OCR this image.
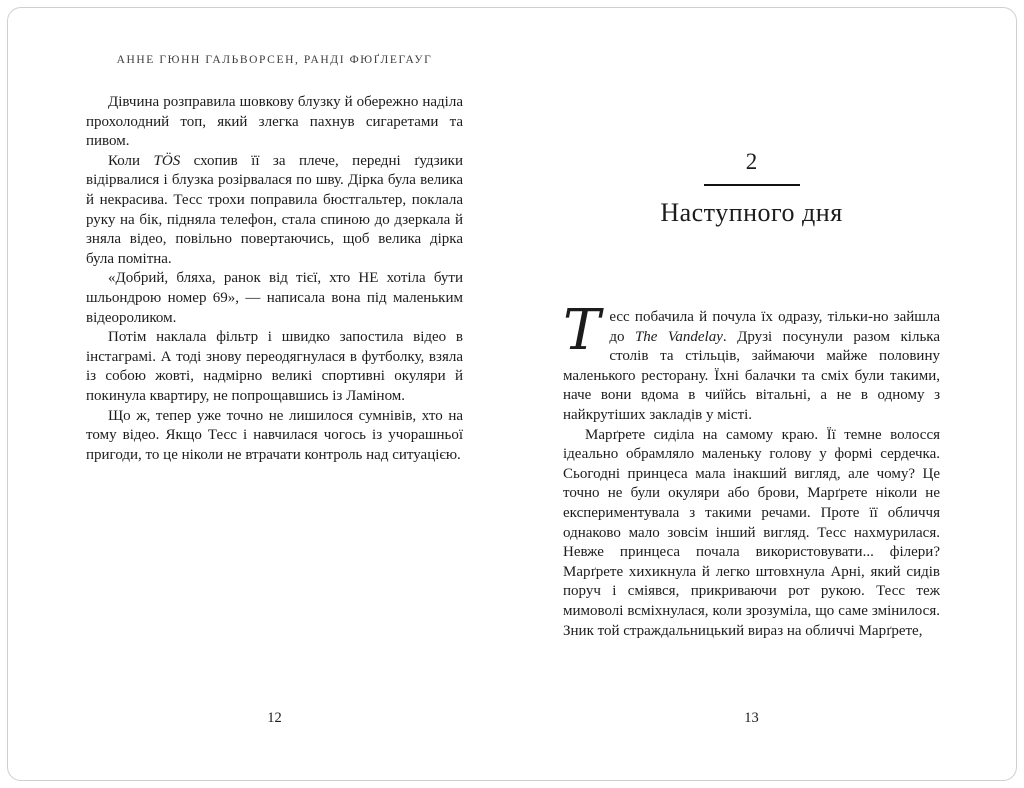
АННЕ ГЮНН ГАЛЬВОРСЕН, РАНДІ ФЮҐЛЕГАУГ

Дівчина розправила шовкову блузку й обережно наділа прохолодний топ, який злегка пахнув сигаретами та пивом.

Коли TÖS схопив її за плече, передні ґудзики відірвалися і блузка розірвалася по шву. Дірка була велика й некрасива. Тесс трохи поправила бюстгальтер, поклала руку на бік, підняла телефон, стала спиною до дзеркала й зняла відео, повільно повертаючись, щоб велика дірка була помітна.

«Добрий, бляха, ранок від тієї, хто НЕ хотіла бути шльондрою номер 69», — написала вона під маленьким відеороликом.

Потім наклала фільтр і швидко запостила відео в інстаграмі. А тоді знову переодягнулася в футболку, взяла із собою жовті, надмірно великі спортивні окуляри й покинула квартиру, не попрощавшись із Ламіном.

Що ж, тепер уже точно не лишилося сумнівів, хто на тому відео. Якщо Тесс і навчилася чогось із учорашньої пригоди, то це ніколи не втрачати контроль над ситуацією.

12

2

Наступного дня

Тесс побачила й почула їх одразу, тільки-но зайшла до The Vandelay. Друзі посунули разом кілька столів та стільців, займаючи майже половину маленького ресторану. Їхні балачки та сміх були такими, наче вони вдома в чиїйсь вітальні, а не в одному з найкрутіших закладів у місті.

Марґрете сиділа на самому краю. Її темне волосся ідеально обрамляло маленьку голову у формі сердечка. Сьогодні принцеса мала інакший вигляд, але чому? Це точно не були окуляри або брови, Марґрете ніколи не експериментувала з такими речами. Проте її обличчя однаково мало зовсім інший вигляд. Тесс нахмурилася. Невже принцеса почала використовувати... філери? Марґрете хихикнула й легко штовхнула Арні, який сидів поруч і сміявся, прикриваючи рот рукою. Тесс теж мимоволі всміхнулася, коли зрозуміла, що саме змінилося. Зник той страждальницький вираз на обличчі Марґрете,

13
